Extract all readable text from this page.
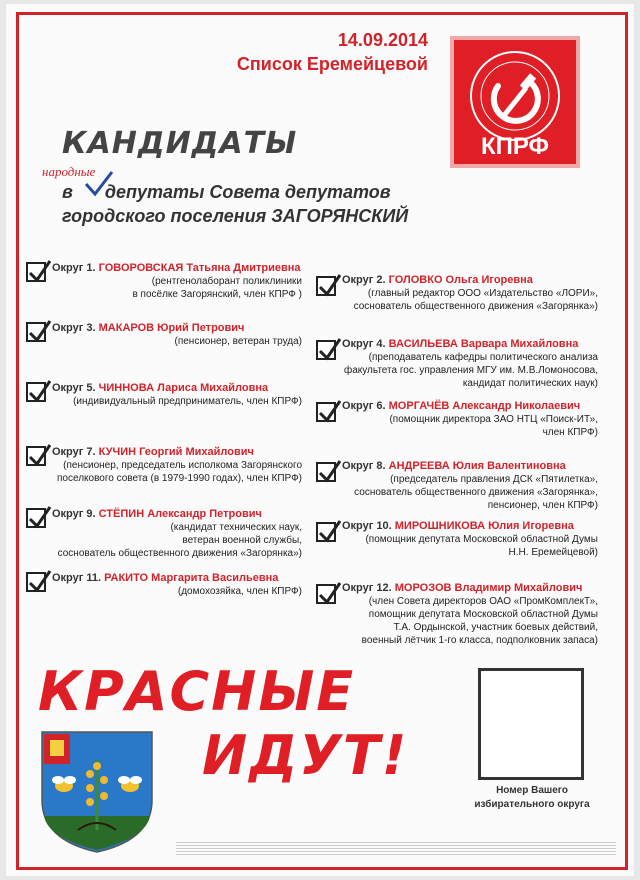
14.09.2014
Список Еремейцевой
КПРФ
КАНДИДАТЫ
народные
в депутаты Совета депутатов
городского поселения ЗАГОРЯНСКИЙ
Округ 1. ГОВОРОВСКАЯ Татьяна Дмитриевна
(рентгенолаборант поликлиники
в посёлке Загорянский, член КПРФ )
Округ 3. МАКАРОВ Юрий Петрович
(пенсионер, ветеран труда)
Округ 5. ЧИННОВА Лариса Михайловна
(индивидуальный предприниматель, член КПРФ)
Округ 7. КУЧИН Георгий Михайлович
(пенсионер, председатель исполкома Загорянского
поселкового совета (в 1979-1990 годах), член КПРФ)
Округ 9. СТЁПИН Александр Петрович
(кандидат технических наук,
ветеран военной службы,
соснователь общественного движения «Загорянка»)
Округ 11. РАКИТО Маргарита Васильевна
(домохозяйка, член КПРФ)
Округ 2. ГОЛОВКО Ольга Игоревна
(главный редактор ООО «Издательство «ЛОРИ»,
соснователь общественного движения «Загорянка»)
Округ 4. ВАСИЛЬЕВА Варвара Михайловна
(преподаватель кафедры политического анализа
факультета гос. управления МГУ им. М.В.Ломоносова,
кандидат политических наук)
Округ 6. МОРГАЧЁВ Александр Николаевич
(помощник директора ЗАО НТЦ «Поиск-ИТ»,
член КПРФ)
Округ 8. АНДРЕЕВА Юлия Валентиновна
(председатель правления ДСК «Пятилетка»,
соснователь общественного движения «Загорянка»,
пенсионер, член КПРФ)
Округ 10. МИРОШНИКОВА Юлия Игоревна
(помощник депутата Московской областной Думы
Н.Н. Еремейцевой)
Округ 12. МОРОЗОВ Владимир Михайлович
(член Совета директоров ОАО «ПромКомплекТ»,
помощник депутата Московской областной Думы
Т.А. Ордынской, участник боевых действий,
военный лётчик 1-го класса, подполковник запаса)
КРАСНЫЕ
ИДУТ!
Номер Вашего
избирательного округа
